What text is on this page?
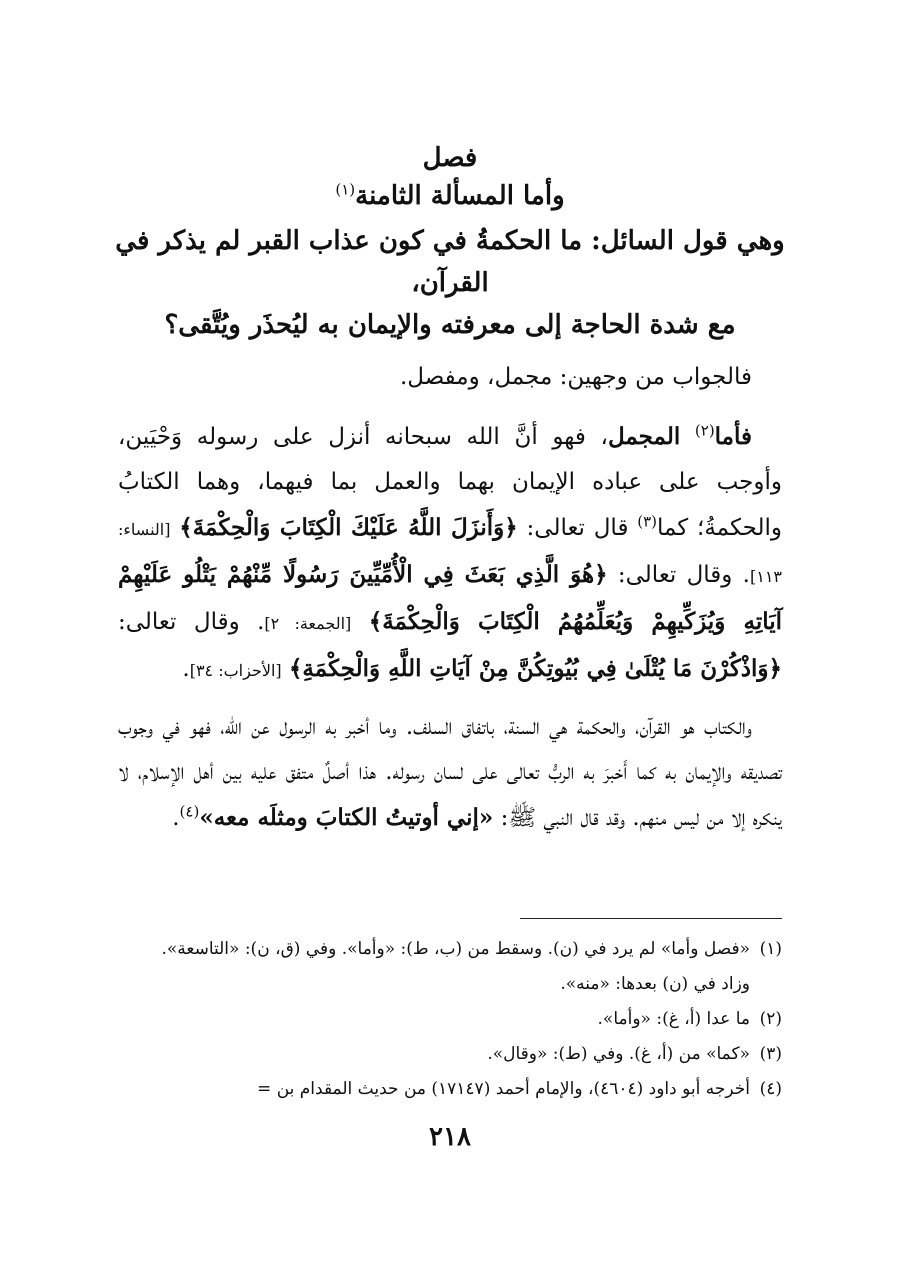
فصل
وأما المسألة الثامنة$^{(١)}$
وهي قول السائل: ما الحكمةُ في كون عذاب القبر لم يذكر في القرآن،
مع شدة الحاجة إلى معرفته والإيمان به ليُحذَر ويُتَّقى؟

فالجواب من وجهين: مجمل، ومفصل.

فأما$^{(٢)}$ المجمل، فهو أنَّ الله سبحانه أنزل على رسوله وَحْيَين، وأوجب على عباده الإيمان بهما والعمل بما فيهما، وهما الكتابُ والحكمةُ؛ كما$^{(٣)}$ قال تعالى: ﴿وَأَنزَلَ اللَّهُ عَلَيْكَ الْكِتَابَ وَالْحِكْمَةَ﴾ [النساء: ١١٣]. وقال تعالى: ﴿هُوَ الَّذِي بَعَثَ فِي الْأُمِّيِّينَ رَسُولًا مِّنْهُمْ يَتْلُو عَلَيْهِمْ آيَاتِهِ وَيُزَكِّيهِمْ وَيُعَلِّمُهُمُ الْكِتَابَ وَالْحِكْمَةَ﴾ [الجمعة: ٢]. وقال تعالى: ﴿وَاذْكُرْنَ مَا يُتْلَىٰ فِي بُيُوتِكُنَّ مِنْ آيَاتِ اللَّهِ وَالْحِكْمَةِ﴾ [الأحزاب: ٣٤].

والكتاب هو القرآن، والحكمة هي السنة، باتفاق السلف. وما أخبر به الرسول عن الله، فهو في وجوب تصديقه والإيمان به كما أَخبرَ به الربُّ تعالى على لسان رسوله. هذا أصلٌ متفق عليه بين أهل الإسلام، لا ينكره إلا من ليس منهم. وقد قال النبي ﷺ: «إني أوتيتُ الكتابَ ومثلَه معه»$^{(٤)}$.

(١)«فصل وأما» لم يرد في (ن). وسقط من (ب، ط): «وأما». وفي (ق، ن): «التاسعة».

وزاد في (ن) بعدها: «منه».

(٢)ما عدا (أ، غ): «وأما».

(٣)«كما» من (أ، غ). وفي (ط): «وقال».

(٤)أخرجه أبو داود (٤٦٠٤)، والإمام أحمد (١٧١٤٧) من حديث المقدام بن =

٢١٨
